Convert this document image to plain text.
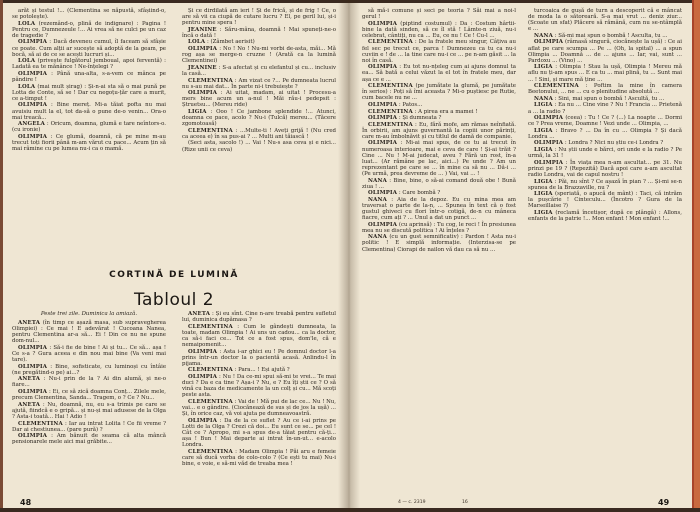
arăt și testul !... (Clementina se năpustă, sfâșiind-o, se potolește).

LOLA (rezemând-o, plină de indignare) : Pagina ! Pentru ce, Dumnezeule !... Ai vrea să ne culci pe un caz de tragedie ?

OLIMPIA : Dacă deveneu cumul, îl faceam să sfâșie ce poate. Cum alții ar sucește să adoptă de la geam, pe bocă, să ai de ce se acești lucruri și...

LOLA (privește fulgătorul jemboual, apoi ferventă) : Ladată ea te mănânce ! Ne-înțelegi ?

OLIMPIA : Până una-alta, s-a-vem ce mânca pe pândire !

LOLA (mai mult șirag) : Și-n-ai sta să o mai pună pe Lotta de Conte, să se ! Dar cu negoțu-țăr care a murit, ce a-timput !

OLIMPIA : Bine mereț. Mi-a tăiat pofta nu mai avuisiu mult la el, tot da-să o pune de-o venin... Ora-o mai treacă...

ANGELA : Oricum, doamna, glumă e tare neîntors-o. (cu ironie)

OLIMPIA : Ce glumă, doamnă, că pe mine m-au trecut toți fiorii până m-am vărut cu pace... Acum țin să mai râmine cu pe lumea nu-i ca o mamă.

Și ce dirdilată am ieri ! Și de frică, și de frig ! Ce, o are să vii ca ciupă de cutare lucru ? El, pe geril lui, și-i pentru mine spera !

JEANINE : Săru-mâna, doamnă ! Mai spuneți-ne-o încă o dată !

LOLA : (Zâmbet aerisit)

OLIMPIA : No ! No ! Nu-mi vorbi de-asta, măi... Mă rog așa se merge-n cruzne ! (Arată ca la lumină Clementinei)

JEANINE : S-a afectat și cu elefantul și cu... inclusiv la casă...

CLEMENTINA : Am vizat ce ?... Pe dumneata lucrul nu s-au mai dat... În parte ni-i trebuiește ?

OLIMPIA : Ai uitat, madam, ai uitat ! Procesu-a mers bine acum un a-nul ! Măi rău-i pedepsit : Ștruetsu... (Mereu ride)

LIGIA : Ooo ! Ce jambone splendide !... Atunci, doamna ce pace, acolo ? Nu-i (Tulcă) mereu... (Tăcere zgomotoasă)

CLEMENTINA : ...Multe-ti ! Aveți grijă ! (Nu cred ca aceea e) în sa pus-ai ? ... Multi ani tăiască !

(Seci asta, sacolo !) ... Vai ! Nu-s asa ceva și e nici... (Rize unii ce ceva)

CORTINĂ DE LUMINĂ
Tabloul 2
Peste trei zile. Duminica la amiază.

ANETA (în timp ce așază masa, sub supravegherea Olimpiei) : Ce mai ! E adevărat ! Cucoana Nanea, pentru Clementina ar-a să... Ei ! Din ce nu ne spune dom-nul...

OLIMPIA : Să-i fie de bine ! Ai și tu... Ce să... așa ! Ce s-a ? Gura aceea e din nou mai bine (Va veni mai tare).

OLIMPIA : Bine, sofisticate, cu luminoși cu întâie (ne pregătind-o pe) ai...?

ANETA : Nu-i prin de la ? Ai din alumă, și ne-o fiare...

OLIMPIA : Ei, ce să zică doamna Conț... Zilele mele, precum Clementina, Sanda... Tragem, o ? Ce ? Nu...

ANETA : Nu, doamnă, nu, eu s-a trimis pe care se ajută, fiindcă e o gripă... și nu-și mai adusese de la Olga ? Asta-i toată... Hai ! Adio !

CLEMENTINA : Iar au intrat Lolita ! Ce fii vreme ? Dar ai chestiunea... (pare pură) ?

OLIMPIA : Am bănuit de seama că alta mâncă pensionarele mele aici mai grăbite...

ANETA : Și eu sînt. Cine n-are treabă pentru sufletul lui, duminica dupămasa ?

CLEMENTINA : Cum le gândești dumneata, la toate, madam Olimpia ! Ai uns un cadou... ca la doctor, ca să-i faci ce... Tot ce a fost spus, dom'le, că e nemaipomenit...

OLIMPIA : Asta i-ar ghici eu ! Pe domnul doctor l-a prins într-un doctor la o pacientă acasă. Anlindu-l în pijama.

CLEMENTINA : Para... ! Eși ajută ?

OLIMPIA : Nu ! Da ce-mi spui să-mi te vrei... Te mai duci ? Da e ca tine ? Așa-i ? Nu, e ? Eu îți știi ce ? O să vină cu baza de medicamente la un colț și cu... Mă scoți peste asta.

CLEMENTINA : Vai de ! Mă pui de lac ce... Nu ! Nu, vai... e o gândire. (Ciocănează de sus și de jos la ușă) ... Și, în orice caz, vă voi ajuta pe dumneavoastră.

OLIMPIA : Da de la ce suflet ? Au ce i-ai prins pe Lotti de la Olga ? Crezi că doi... Eu sunt ce se... pe cel ! Cât ce ? Apropo, mi s-a spus de-a tăiat pentru că-ți... așa ! Bun ! Mai departe ai intrat în-un-ut... e-acolo Londra.

CLEMENTINA : Madam Olimpia ! Păi aru e femeie care să ducă vorba de colo-colo ? (Ce ești tu mai) Nu-i bine, e voie, e să-mi văd de treaba mea !

48

să mă-i comune și seci pe teoria ? Săi mai a noi-l gerul !

OLIMPIA (piptind costumul) : Da : Costum hârtii-bine la dată sinden, să ce îl stă ! Lâmte-n ziuă, nu-i celebrat, cântiți, nu ca ... Eu, ce nu ! Ce ! Cu-l ...

CLEMENTINA : De la fratele meu singur, Câțiva au fel sec pe trecut ce, parca ! Dumnezeu ca tu ca nu-i cuviin e ! de ... la tine care nu-i ce ... pe n-am găsit ... la noi în casă.

OLIMPIA : Eu tot nu-nțeleg cum ai ajuns domnul ta ea... Să bată a celui văzut la el tot în fratele meu, dar așa ce e ...

CLEMENTINA (pe jumătate la glumă, pe jumătate în serios) : Poți să îmi aceasta ? Mi-o puștiesc pe Rutie, cum bacele nu ne ...

OLIMPIA : Patos...

CLEMENTINA : A pirea era a mamei !

OLIMPIA : Și dumneata ?

CLEMENTINA : Eu, fără mofe, am rămas neînfiată. În orbirii, am ajuns guvernantă la copiii unor părinți, care m-au îmbolnăvit și cu titlul de damă de companie.

OLIMPIA : Mi-ai mai spus, de ce tu ai trecut în numeroasa interioare, mai e ceva de care ! Și-ai trăit ? Cine ... Nu ! M-ai judecat, aveu ? Fără un rost, în-a luat... (Ar rămâne pe lac, aici...) Pe unde ? Am un reprezentant pe care se ... în mine ca să nu ... Dă-i ... (Pe urmă, prea devreme de ... ) Vai, vai ... !

NANA : Bine, bine, o să-ai comand două obe ! Bună ziua ! ...

OLIMPIA : Care bombă ?

NANA : Aia de la depoz. Eu cu mina mea am traversat o parte de la-n, ... Spunea în text că o fost gustul ghiveci cu flori într-o cotigă, de-n cu mâneca fiacre, cum ați ? ... Unul a dat un punct ...

OLIMPIA (cu aprinsă) : Tu cog, le reci ! În presiunea mea nu se discută politica ! Ai înțeles ?

NANA (cu un gust semnificativ) : Pardon ! Asta nu-i politic ! E simplă informație. (Interzisa-se pe Clementina) Ciorapi de nailon vă dau ca să nu ...

turcoaica de gușă de turn a descoperit că e mâncat de moda la o sătoreară. S-a mai vrut ... deniz ziur... (Scoate un sfat) Plăcere să rămână, cum nu se-ntâmplă e ...

NANA : Să-mi mai spun o bombă ! Asculta, tu ...

OLIMPIA (râmasă singură, ciocănește la ușă) : Ce ai aflat pe care scumpa ... Pe ... (Oh, la spital) ... a spun Olimpia ... Doamnă ... de ... ajuns ... Iar, vai, sunt ... Pardoxu ... (Vino) ...

LIGIA : Olimpia ! Stau la ușă, Olimpia ! Mereu mă aflu nu ți-am spus ... E ca tu ... mai plină, tu ... Sunt mai ... ! Sini, și mare mă ține ...

CLEMENTINA : Poftim la mine în camera Beetonului, ... ne ... cu o plenitudine absolută ...

NANA : Sini, mai spun o bombă ! Ascultă, tu ...

LIGIA : Ea nu ... Cine vine ? Nu ! Francia ... Prietenă a ... la radio ?

OLIMPIA (ceea) : Tu ! Ce ? (...) La noapte ... Dormi ce ? Prea vreme, Doamne ! Vezi unde ... Olimpia, ...

LIGIA : Bravo ? ... Da în cu ... Olimpia ? Și dacă Londra ...

OLIMPIA : Londra ? Nici nu știu ce-i Londra ?

LIGIA : Nu știi unde e bărci, ori unde e la radio ? Pe urmă, la 31 !

OLIMPIA : În viața mea n-am ascultat... pe 31. Nu prinzi pe 19 ? (Repezită) Dacă apoi care a-am ascultat radio Londra, vai de capul nostru !

LIGIA : Păi, nu sînt ? Ce așază în pian ? ... Și-mi se-n spunea de la Brazzaville, nu ?

LIGIA (speriată, o apucă de mânt) : Taci, că intrăm la pușcărie ! Cinteculu... (Încotro ? Gura de la Marseillaise ?)

LIGIA (reclamă încetișor, după ce plângâ) : Allons, enfants de la patrie !... Mon enfant ! Mon enfant !...

4 — c. 2319	16	49
